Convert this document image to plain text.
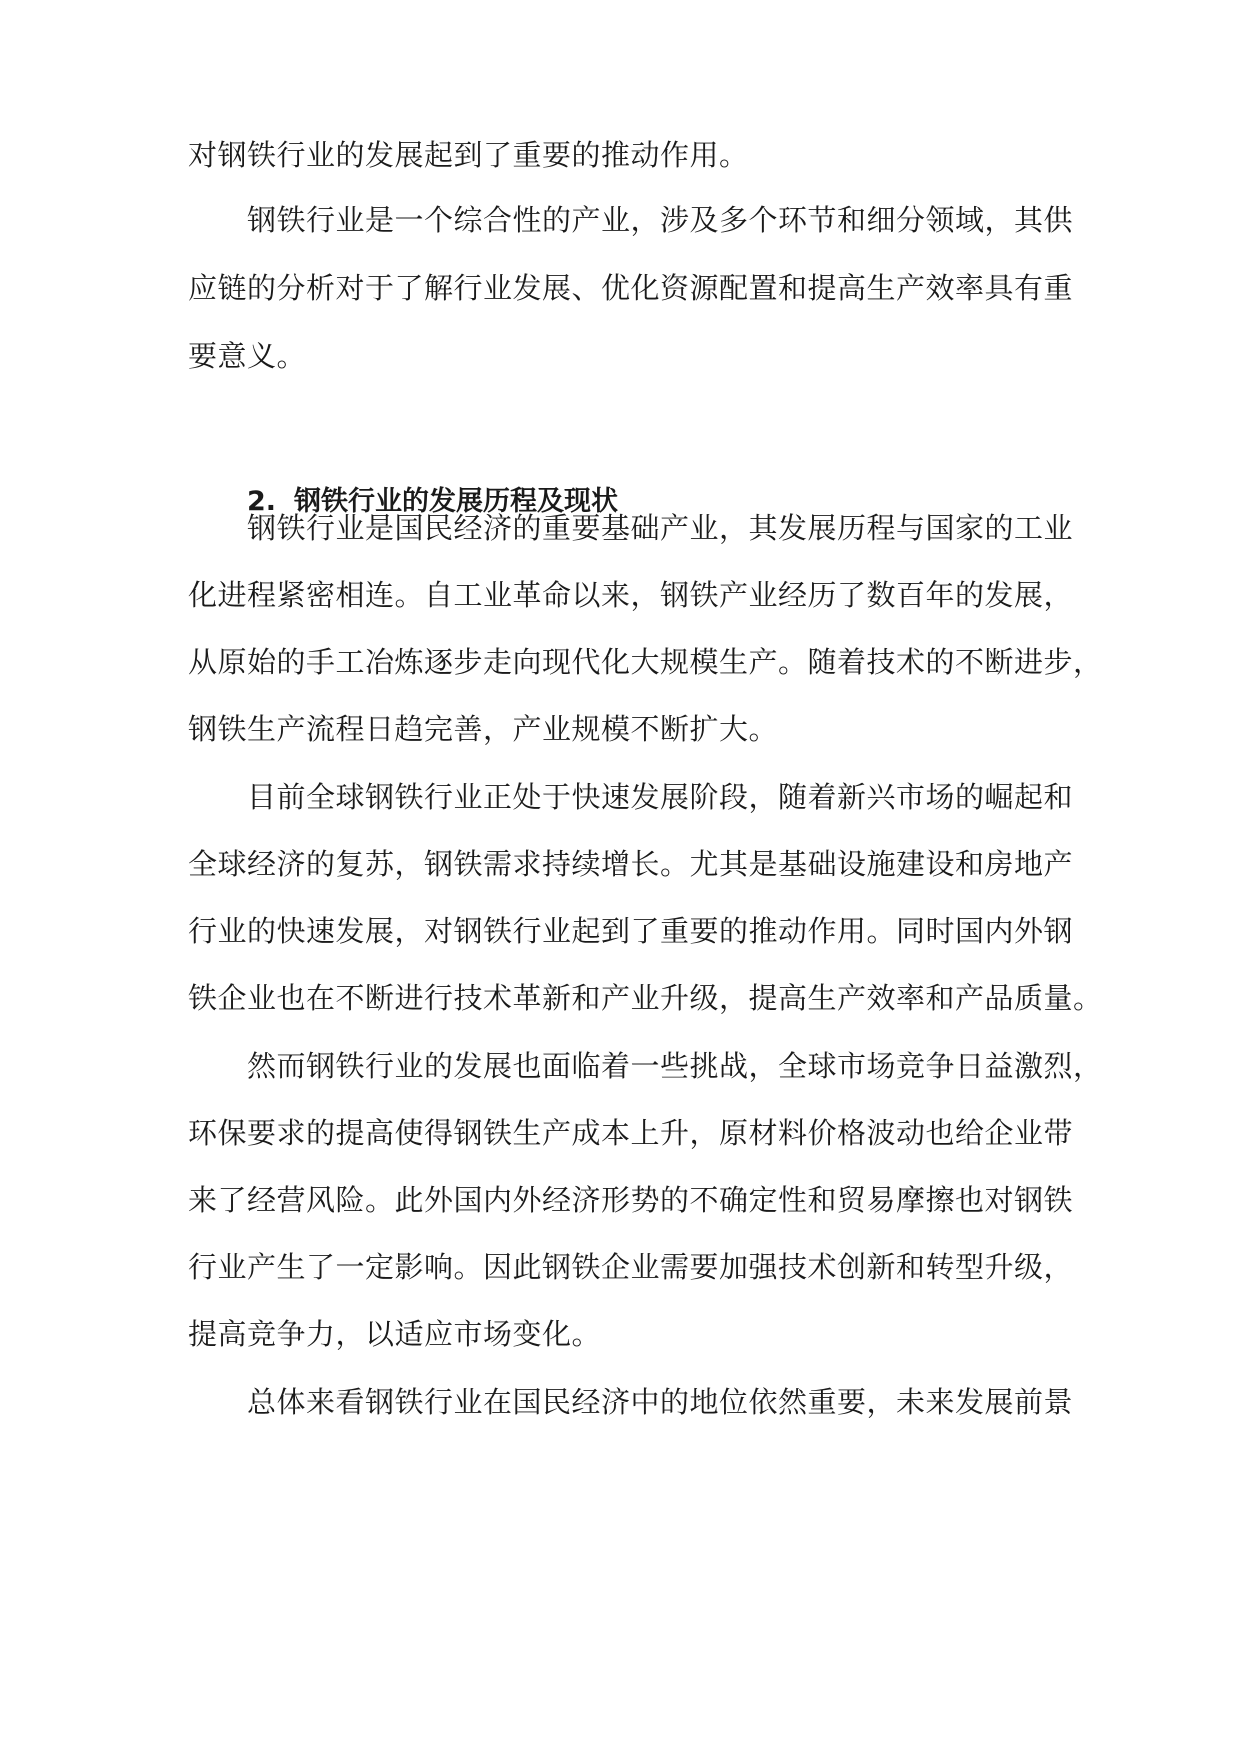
对钢铁行业的发展起到了重要的推动作用。
钢铁行业是一个综合性的产业，涉及多个环节和细分领域，其供
应链的分析对于了解行业发展、优化资源配置和提高生产效率具有重
要意义。
2. 钢铁行业的发展历程及现状
钢铁行业是国民经济的重要基础产业，其发展历程与国家的工业
化进程紧密相连。自工业革命以来，钢铁产业经历了数百年的发展，
从原始的手工冶炼逐步走向现代化大规模生产。随着技术的不断进步，
钢铁生产流程日趋完善，产业规模不断扩大。
目前全球钢铁行业正处于快速发展阶段，随着新兴市场的崛起和
全球经济的复苏，钢铁需求持续增长。尤其是基础设施建设和房地产
行业的快速发展，对钢铁行业起到了重要的推动作用。同时国内外钢
铁企业也在不断进行技术革新和产业升级，提高生产效率和产品质量。
然而钢铁行业的发展也面临着一些挑战，全球市场竞争日益激烈，
环保要求的提高使得钢铁生产成本上升，原材料价格波动也给企业带
来了经营风险。此外国内外经济形势的不确定性和贸易摩擦也对钢铁
行业产生了一定影响。因此钢铁企业需要加强技术创新和转型升级，
提高竞争力，以适应市场变化。
总体来看钢铁行业在国民经济中的地位依然重要，未来发展前景
